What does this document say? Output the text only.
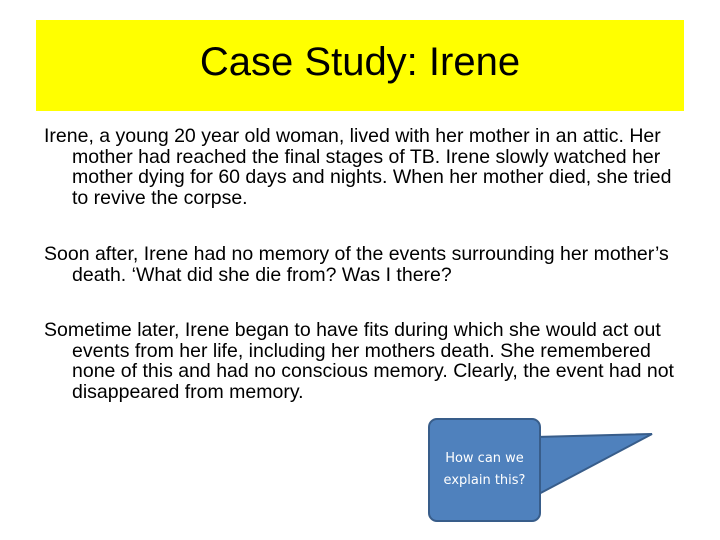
Case Study: Irene

Irene, a young 20 year old woman, lived with her mother in an attic. Her mother had reached the final stages of TB. Irene slowly watched her mother dying for 60 days and nights. When her mother died, she tried to revive the corpse.

Soon after, Irene had no memory of the events surrounding her mother’s death. ‘What did she die from? Was I there?

Sometime later, Irene began to have fits during which she would act out events from her life, including her mothers death. She remembered none of this and had no conscious memory. Clearly, the event had not disappeared from memory.

How can we explain this?
